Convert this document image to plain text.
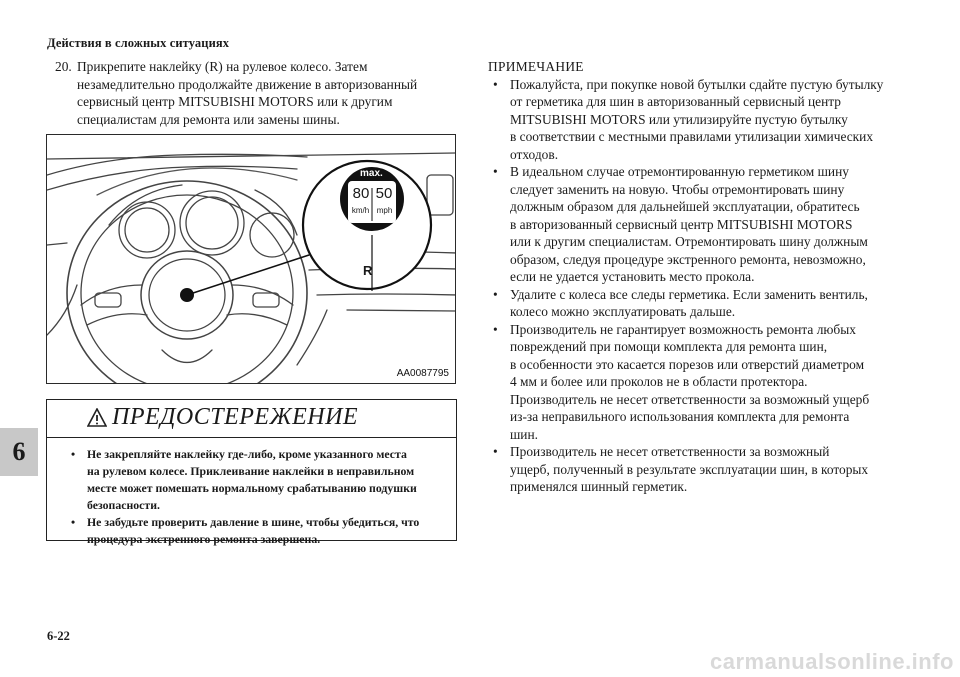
Действия в сложных ситуациях
20. Прикрепите наклейку (R) на рулевое колесо. Затем
незамедлительно продолжайте движение в авторизованный
сервисный центр MITSUBISHI MOTORS или к другим
специалистам для ремонта или замены шины.
max.
80 50
km/h mph
R
AA0087795
ПРЕДОСТЕРЕЖЕНИЕ
• Не закрепляйте наклейку где-либо, кроме указанного места
на рулевом колесе. Приклеивание наклейки в неправильном
месте может помешать нормальному срабатыванию подушки
безопасности.
• Не забудьте проверить давление в шине, чтобы убедиться, что
процедура экстренного ремонта завершена.
ПРИМЕЧАНИЕ
• Пожалуйста, при покупке новой бутылки сдайте пустую бутылку
от герметика для шин в авторизованный сервисный центр
MITSUBISHI MOTORS или утилизируйте пустую бутылку
в соответствии с местными правилами утилизации химических
отходов.
• В идеальном случае отремонтированную герметиком шину
следует заменить на новую. Чтобы отремонтировать шину
должным образом для дальнейшей эксплуатации, обратитесь
в авторизованный сервисный центр MITSUBISHI MOTORS
или к другим специалистам. Отремонтировать шину должным
образом, следуя процедуре экстренного ремонта, невозможно,
если не удается установить место прокола.
• Удалите с колеса все следы герметика. Если заменить вентиль,
колесо можно эксплуатировать дальше.
• Производитель не гарантирует возможность ремонта любых
повреждений при помощи комплекта для ремонта шин,
в особенности это касается порезов или отверстий диаметром
4 мм и более или проколов не в области протектора.
Производитель не несет ответственности за возможный ущерб
из-за неправильного использования комплекта для ремонта
шин.
• Производитель не несет ответственности за возможный
ущерб, полученный в результате эксплуатации шин, в которых
применялся шинный герметик.
6
6-22
carmanualsonline.info
